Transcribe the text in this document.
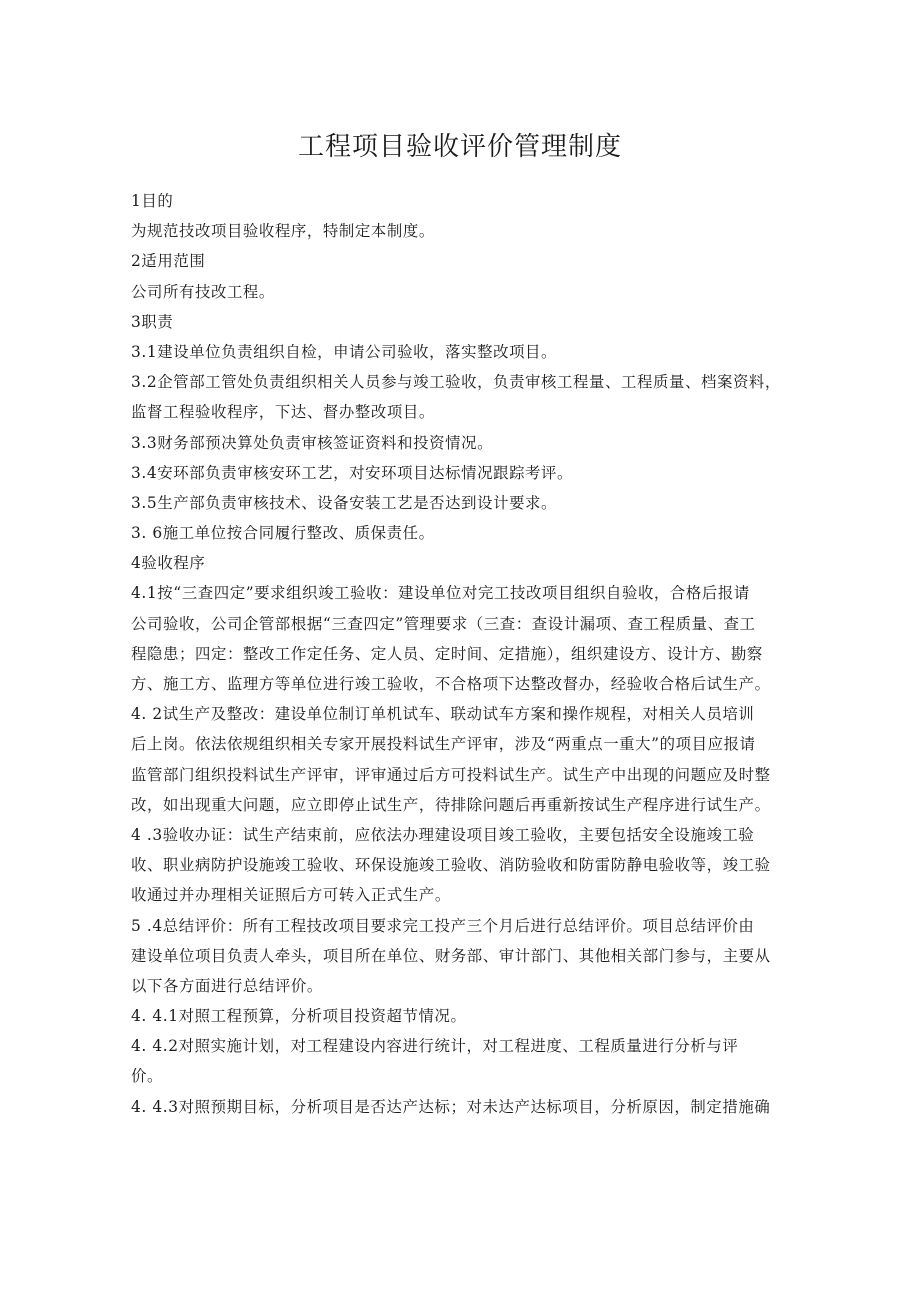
工程项目验收评价管理制度
1目的
为规范技改项目验收程序，特制定本制度。
2适用范围
公司所有技改工程。
3职责
3.1建设单位负责组织自检，申请公司验收，落实整改项目。
3.2企管部工管处负责组织相关人员参与竣工验收，负责审核工程量、工程质量、档案资料，
监督工程验收程序，下达、督办整改项目。
3.3财务部预决算处负责审核签证资料和投资情况。
3.4安环部负责审核安环工艺，对安环项目达标情况跟踪考评。
3.5生产部负责审核技术、设备安装工艺是否达到设计要求。
3. 6施工单位按合同履行整改、质保责任。
4验收程序
4.1按“三查四定”要求组织竣工验收：建设单位对完工技改项目组织自验收，合格后报请
公司验收，公司企管部根据“三查四定”管理要求（三查：查设计漏项、查工程质量、查工
程隐患；四定：整改工作定任务、定人员、定时间、定措施），组织建设方、设计方、勘察
方、施工方、监理方等单位进行竣工验收，不合格项下达整改督办，经验收合格后试生产。
4. 2试生产及整改：建设单位制订单机试车、联动试车方案和操作规程，对相关人员培训
后上岗。依法依规组织相关专家开展投料试生产评审，涉及“两重点一重大”的项目应报请
监管部门组织投料试生产评审，评审通过后方可投料试生产。试生产中出现的问题应及时整
改，如出现重大问题，应立即停止试生产，待排除问题后再重新按试生产程序进行试生产。
4 .3验收办证：试生产结束前，应依法办理建设项目竣工验收，主要包括安全设施竣工验
收、职业病防护设施竣工验收、环保设施竣工验收、消防验收和防雷防静电验收等，竣工验
收通过并办理相关证照后方可转入正式生产。
5 .4总结评价：所有工程技改项目要求完工投产三个月后进行总结评价。项目总结评价由
建设单位项目负责人牵头，项目所在单位、财务部、审计部门、其他相关部门参与，主要从
以下各方面进行总结评价。
4. 4.1对照工程预算，分析项目投资超节情况。
4. 4.2对照实施计划，对工程建设内容进行统计，对工程进度、工程质量进行分析与评
价。
4. 4.3对照预期目标，分析项目是否达产达标；对未达产达标项目，分析原因，制定措施确
